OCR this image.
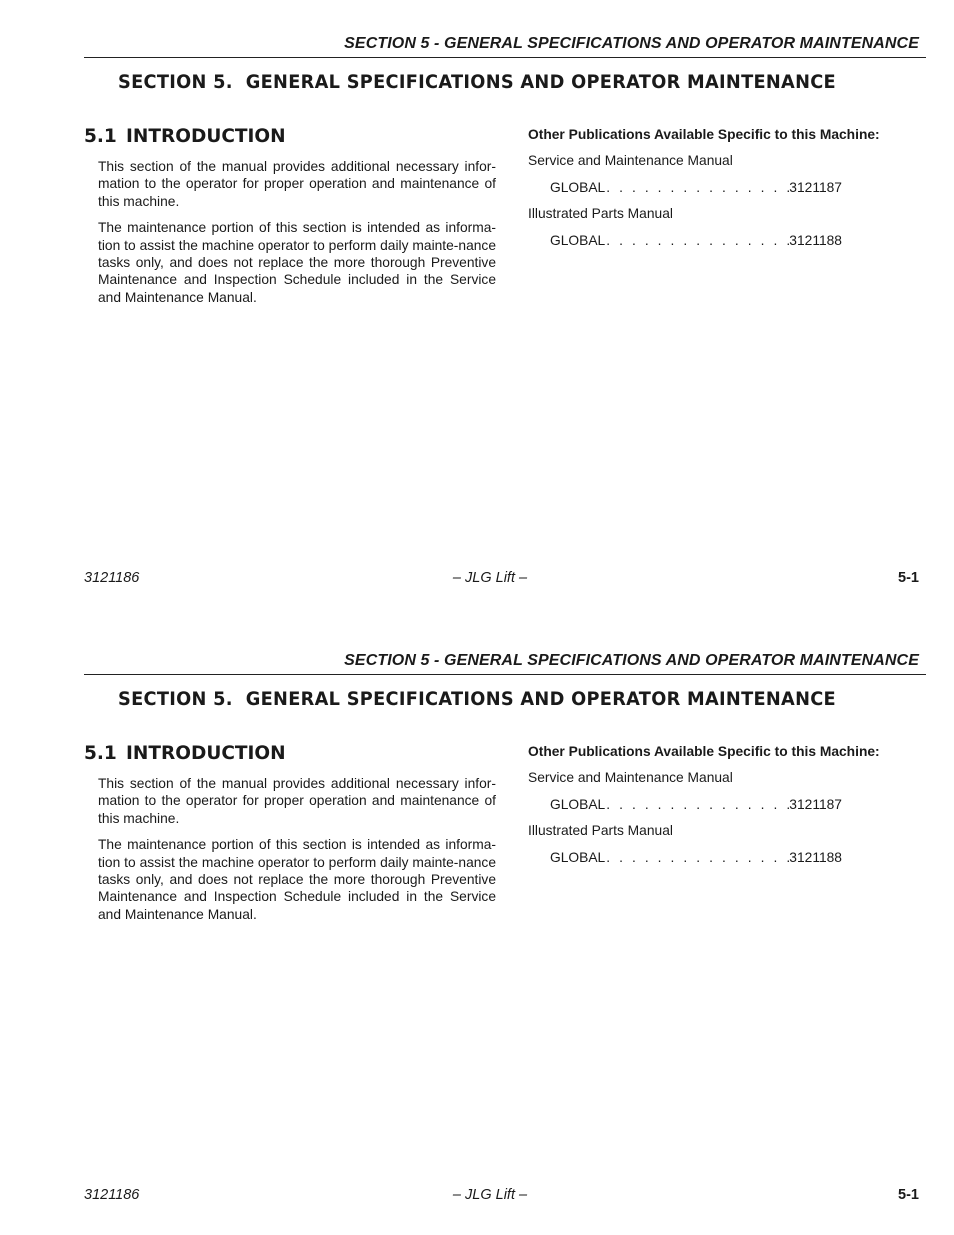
SECTION 5 - GENERAL SPECIFICATIONS AND OPERATOR MAINTENANCE
SECTION 5.  GENERAL SPECIFICATIONS AND OPERATOR MAINTENANCE
5.1 INTRODUCTION

This section of the manual provides additional necessary infor-mation to the operator for proper operation and maintenance of this machine.

The maintenance portion of this section is intended as informa-tion to assist the machine operator to perform daily mainte-nance tasks only, and does not replace the more thorough Preventive Maintenance and Inspection Schedule included in the Service and Maintenance Manual.

Other Publications Available Specific to this Machine:
Service and Maintenance Manual
GLOBAL . . .	3121187
Illustrated Parts Manual
GLOBAL . . .	3121188
3121186	– JLG Lift –	5-1
SECTION 5 - GENERAL SPECIFICATIONS AND OPERATOR MAINTENANCE
SECTION 5.  GENERAL SPECIFICATIONS AND OPERATOR MAINTENANCE
5.1 INTRODUCTION

This section of the manual provides additional necessary infor-mation to the operator for proper operation and maintenance of this machine.

The maintenance portion of this section is intended as informa-tion to assist the machine operator to perform daily mainte-nance tasks only, and does not replace the more thorough Preventive Maintenance and Inspection Schedule included in the Service and Maintenance Manual.

Other Publications Available Specific to this Machine:
Service and Maintenance Manual
GLOBAL . . .	3121187
Illustrated Parts Manual
GLOBAL . . .	3121188
3121186	– JLG Lift –	5-1
